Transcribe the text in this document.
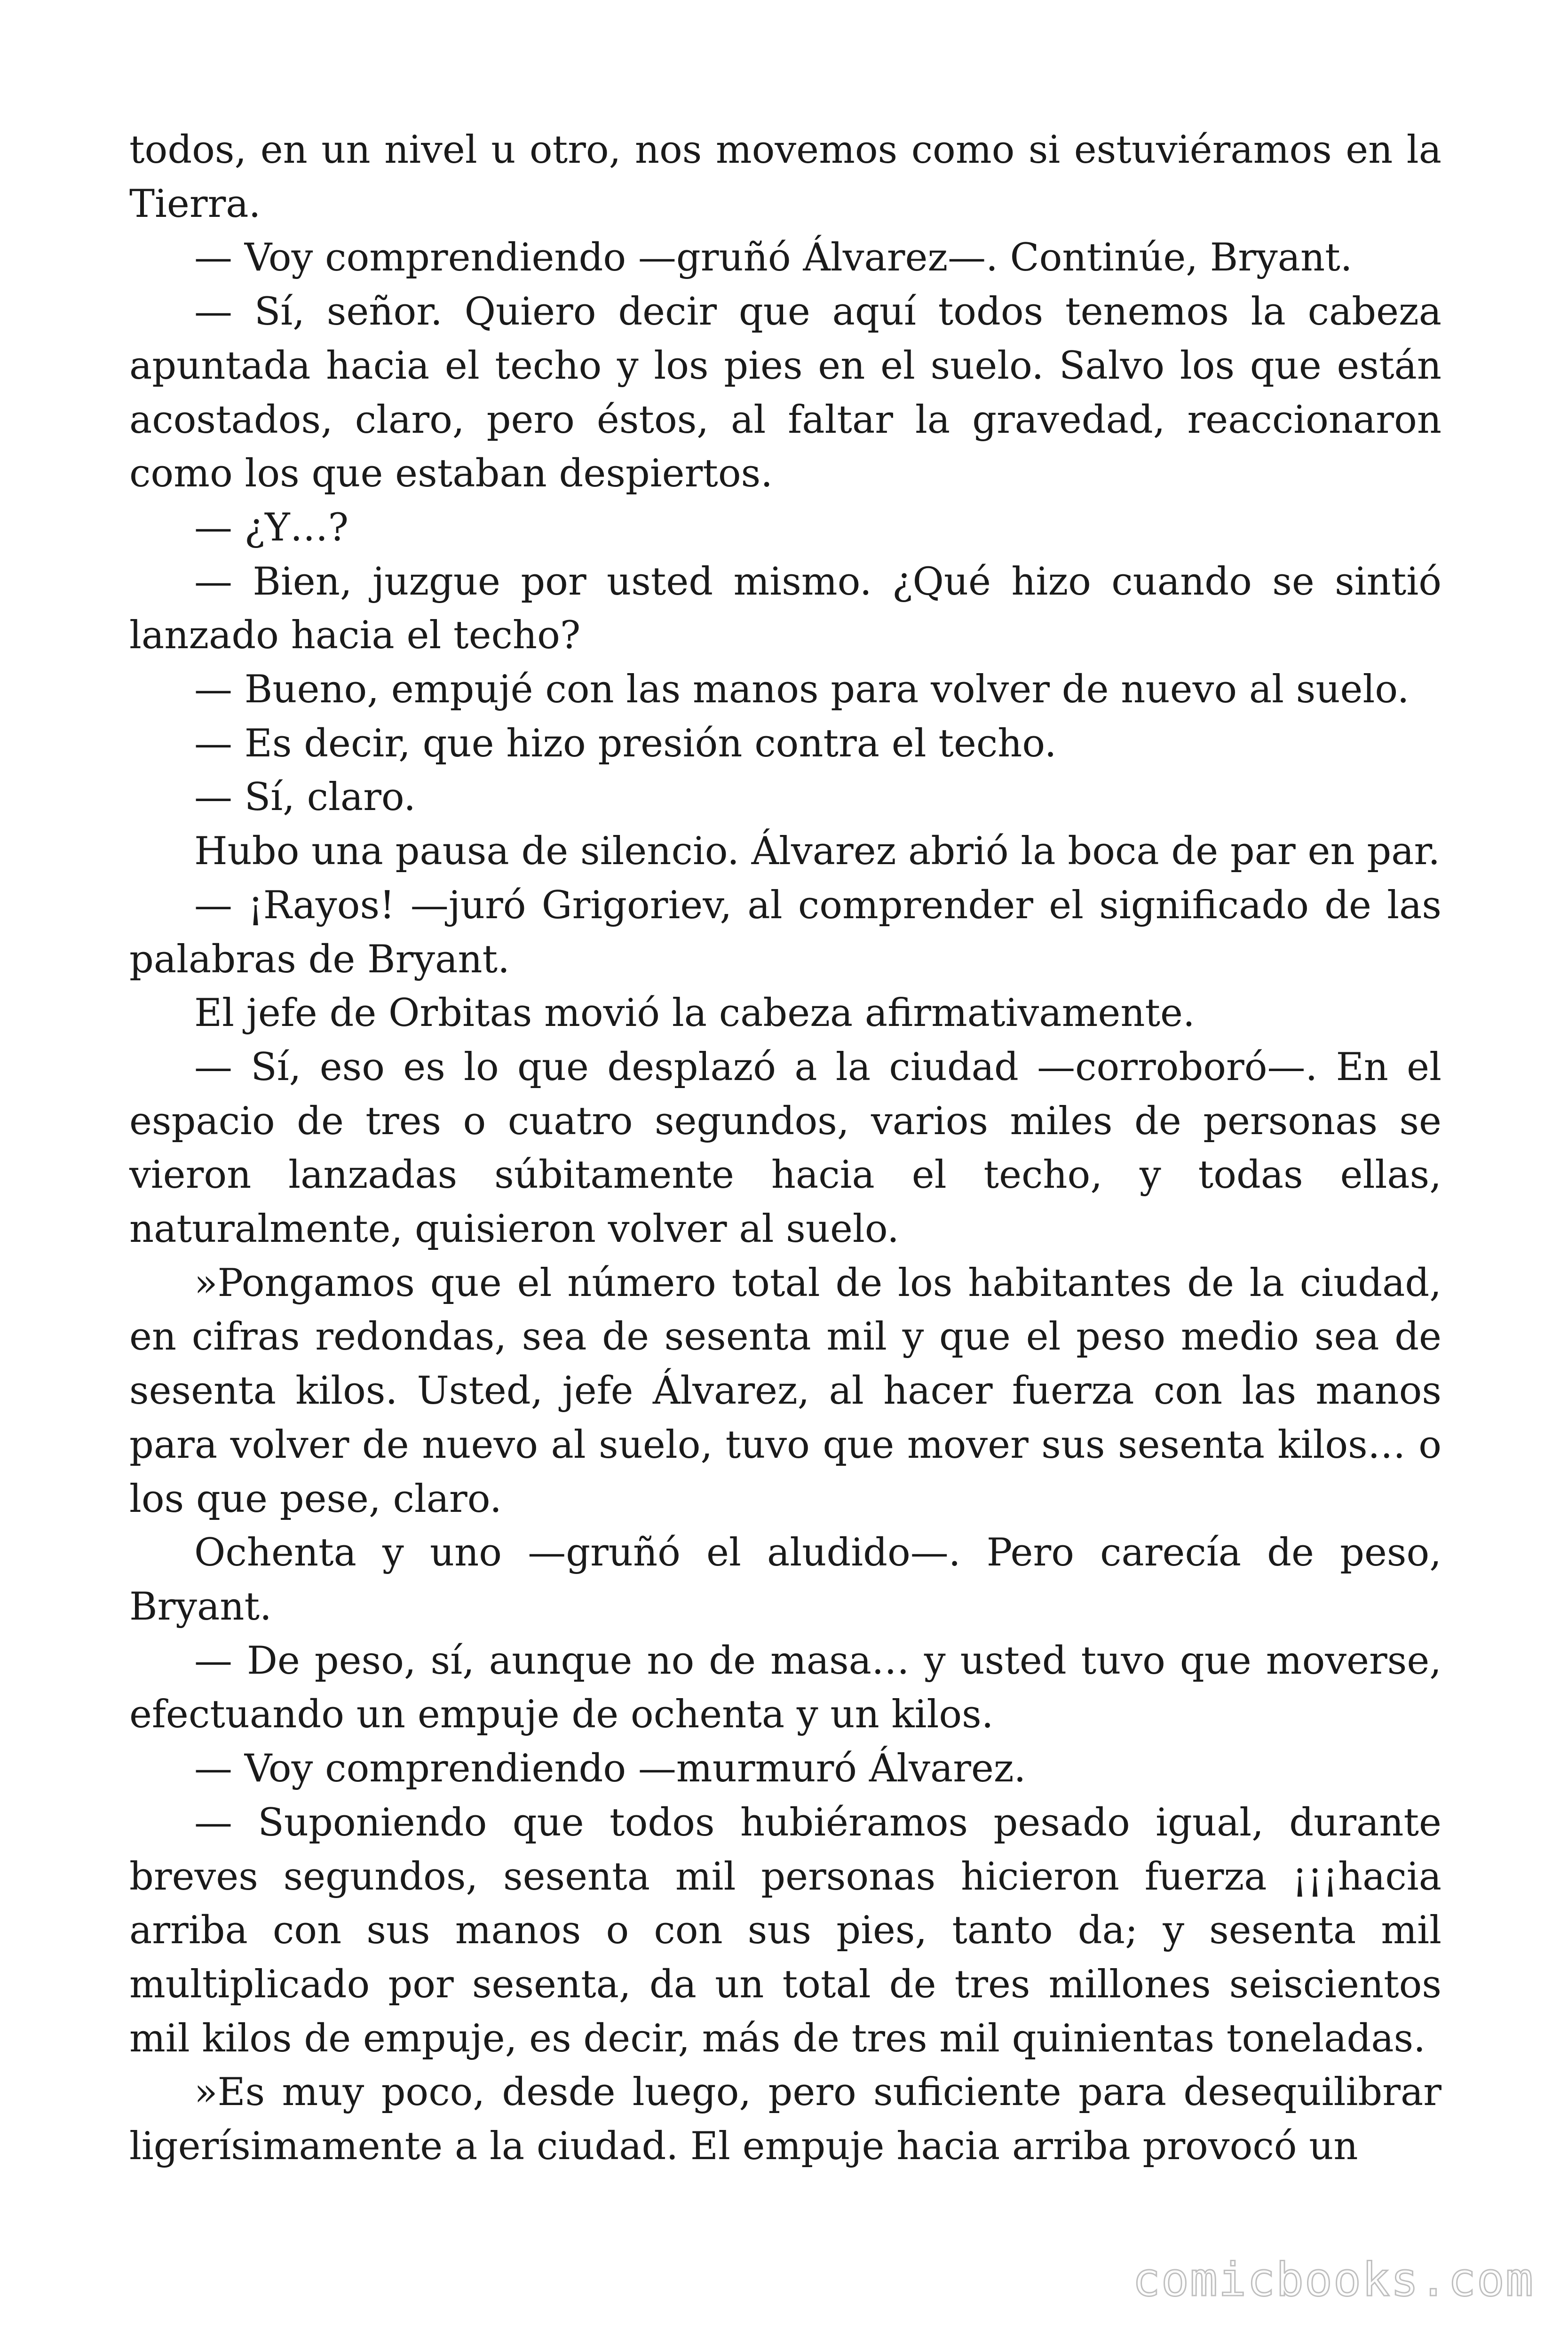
todos, en un nivel u otro, nos movemos como si estuviéramos en la Tierra.

— Voy comprendiendo —gruñó Álvarez—. Continúe, Bryant.

— Sí, señor. Quiero decir que aquí todos tenemos la cabeza apuntada hacia el techo y los pies en el suelo. Salvo los que están acostados, claro, pero éstos, al faltar la gravedad, reaccionaron como los que estaban despiertos.

— ¿Y…?

— Bien, juzgue por usted mismo. ¿Qué hizo cuando se sintió lanzado hacia el techo?

— Bueno, empujé con las manos para volver de nuevo al suelo.

— Es decir, que hizo presión contra el techo.

— Sí, claro.

Hubo una pausa de silencio. Álvarez abrió la boca de par en par.

— ¡Rayos! —juró Grigoriev, al comprender el significado de las palabras de Bryant.

El jefe de Orbitas movió la cabeza afirmativamente.

— Sí, eso es lo que desplazó a la ciudad —corroboró—. En el espacio de tres o cuatro segundos, varios miles de personas se vieron lanzadas súbitamente hacia el techo, y todas ellas, naturalmente, quisieron volver al suelo.

»Pongamos que el número total de los habitantes de la ciudad, en cifras redondas, sea de sesenta mil y que el peso medio sea de sesenta kilos. Usted, jefe Álvarez, al hacer fuerza con las manos para volver de nuevo al suelo, tuvo que mover sus sesenta kilos… o los que pese, claro.

Ochenta y uno —gruñó el aludido—. Pero carecía de peso, Bryant.

— De peso, sí, aunque no de masa… y usted tuvo que moverse, efectuando un empuje de ochenta y un kilos.

— Voy comprendiendo —murmuró Álvarez.

— Suponiendo que todos hubiéramos pesado igual, durante breves segundos, sesenta mil personas hicieron fuerza ¡¡¡hacia arriba con sus manos o con sus pies, tanto da; y sesenta mil multiplicado por sesenta, da un total de tres millones seiscientos mil kilos de empuje, es decir, más de tres mil quinientas toneladas.

»Es muy poco, desde luego, pero suficiente para desequilibrar ligerísimamente a la ciudad. El empuje hacia arriba provocó un

comicbooks.com
